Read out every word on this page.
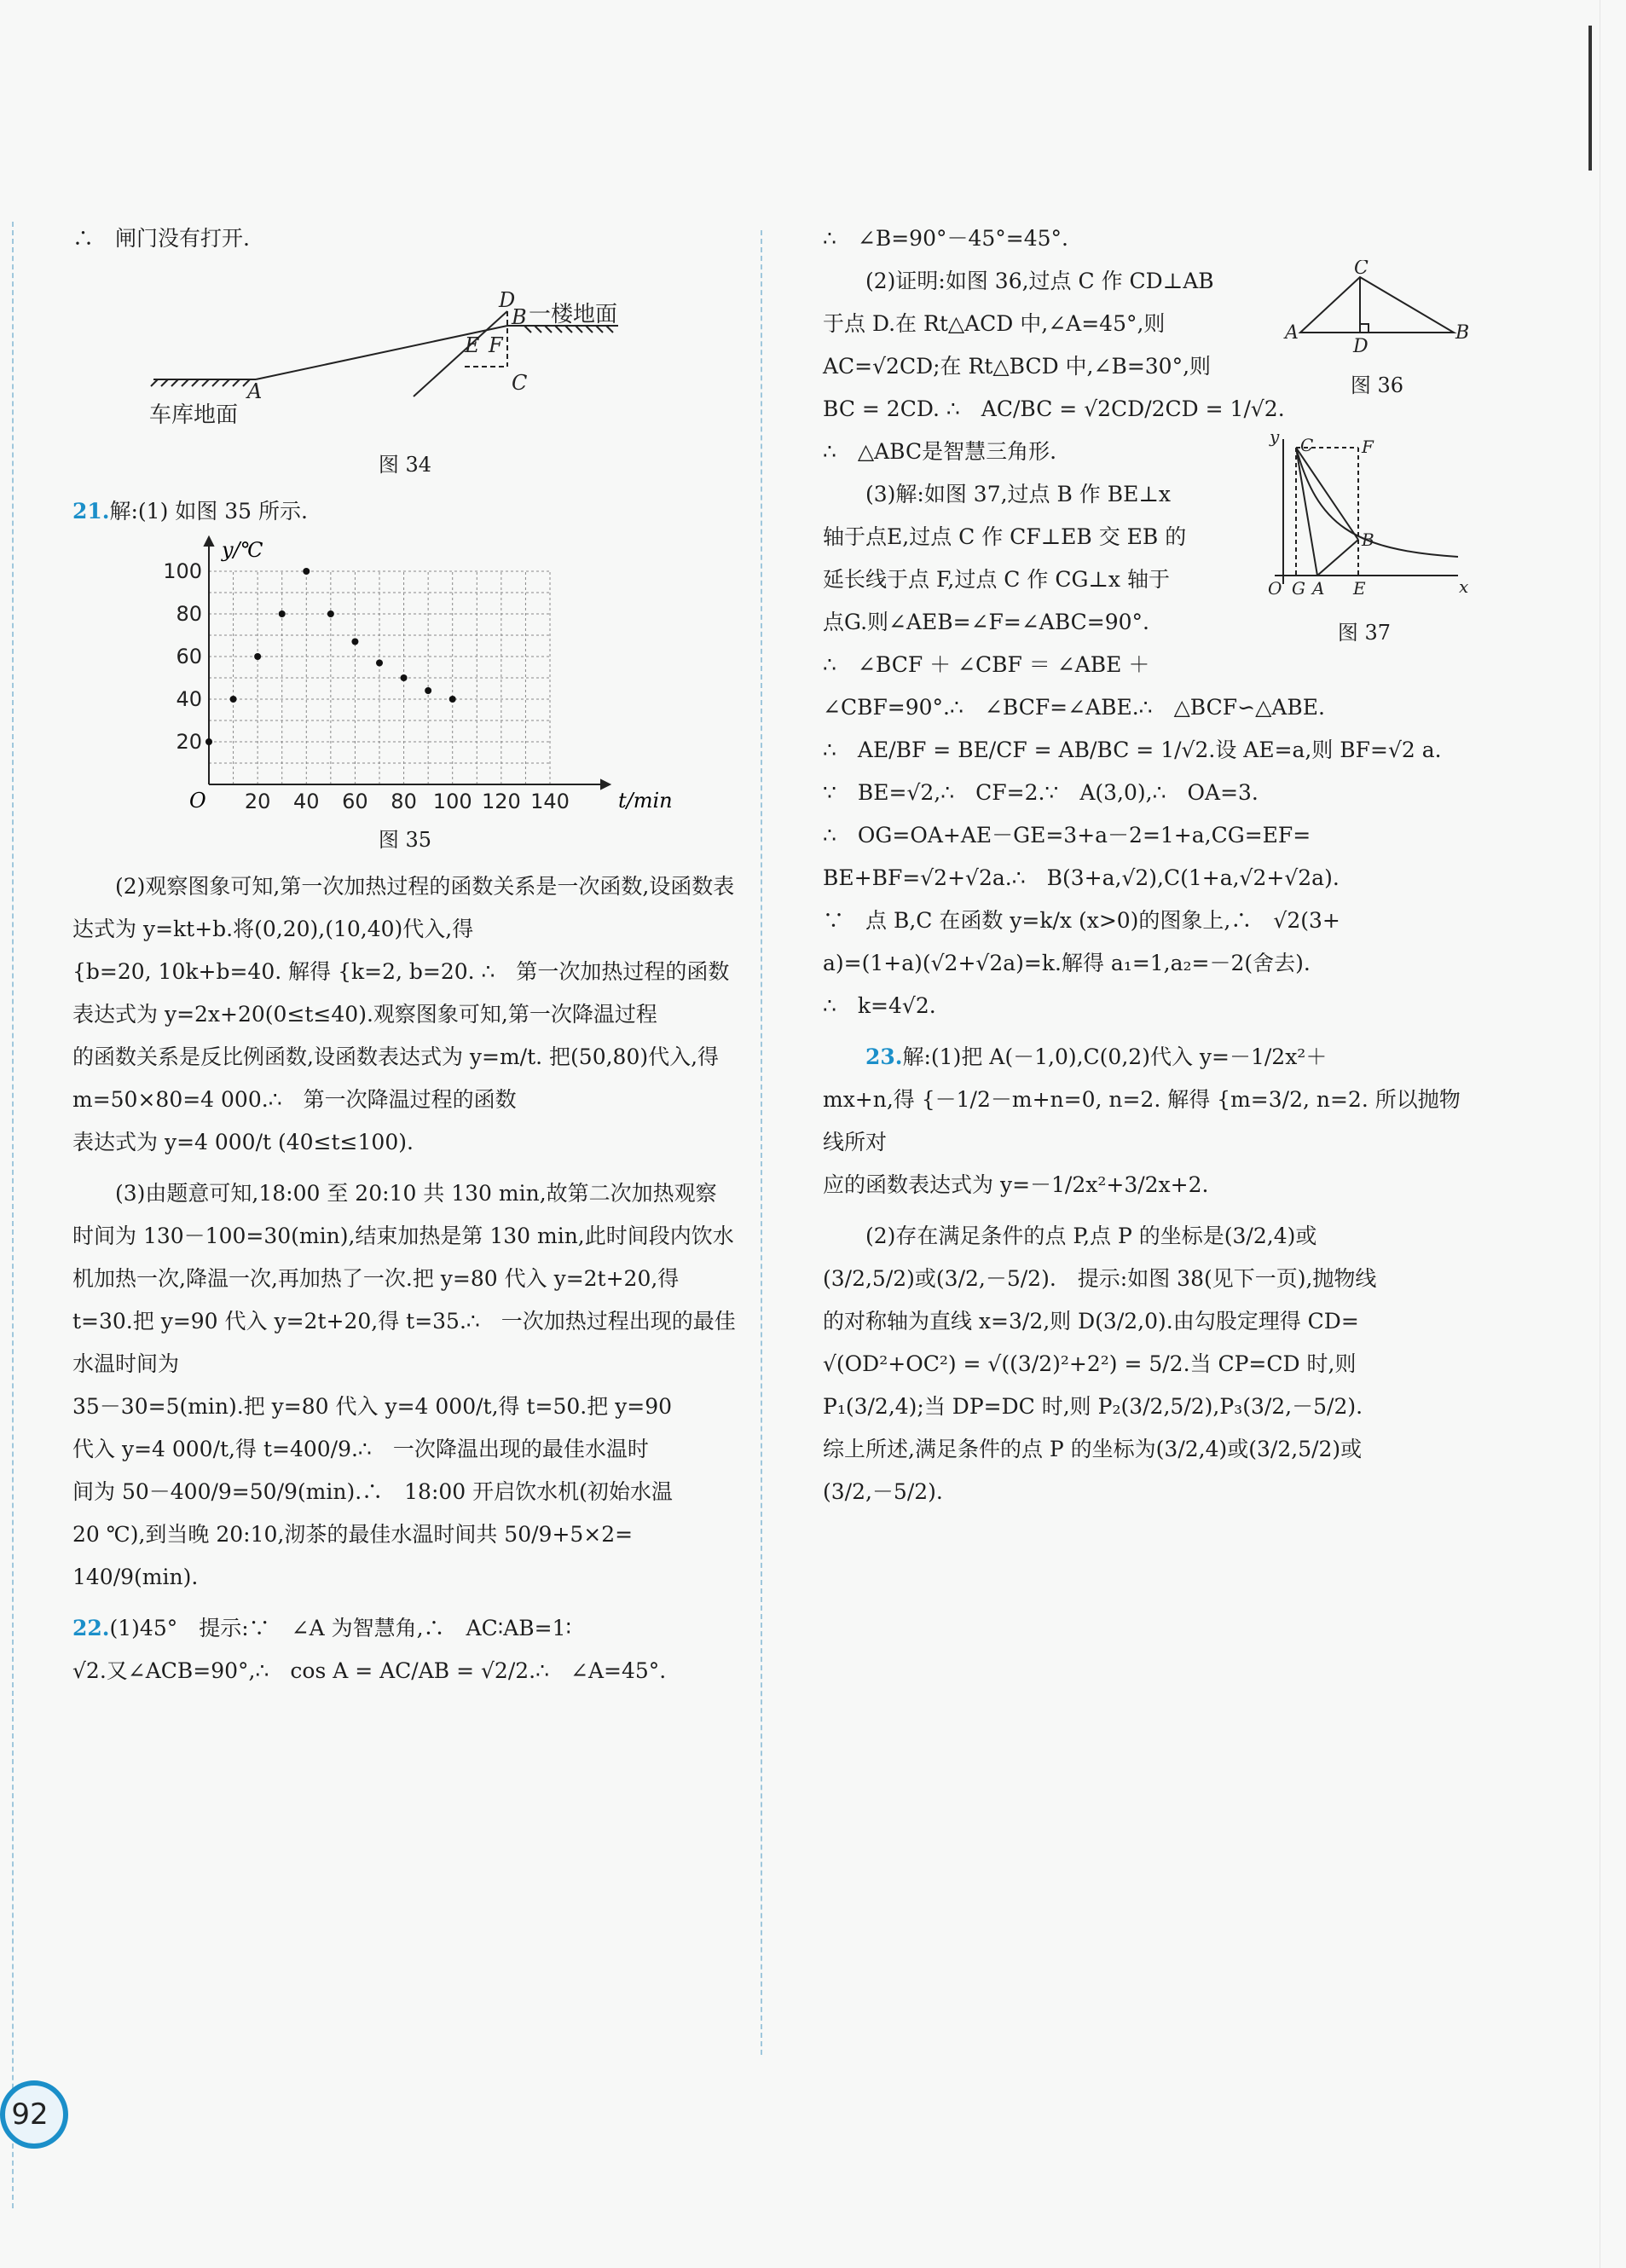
∴　闸门没有打开.

D
B
E F
A	C
一楼地面
车库地面

图 34

21.解:(1) 如图 35 所示.

20 40 60 80 100 120 140
20
40
60
80
100
y/℃
t/min
O

图 35

(2)观察图象可知,第一次加热过程的函数关系是一次函数,设函数表达式为 y=kt+b.将(0,20),(10,40)代入,得

{b=20, 10k+b=40. 解得 {k=2, b=20. ∴　第一次加热过程的函数表达式为 y=2x+20(0≤t≤40).观察图象可知,第一次降温过程

的函数关系是反比例函数,设函数表达式为 y=m/t. 把(50,80)代入,得 m=50×80=4 000.∴　第一次降温过程的函数

表达式为 y=4 000/t (40≤t≤100).

(3)由题意可知,18:00 至 20:10 共 130 min,故第二次加热观察时间为 130－100=30(min),结束加热是第 130 min,此时间段内饮水机加热一次,降温一次,再加热了一次.把 y=80 代入 y=2t+20,得 t=30.把 y=90 代入 y=2t+20,得 t=35.∴　一次加热过程出现的最佳水温时间为

35－30=5(min).把 y=80 代入 y=4 000/t,得 t=50.把 y=90

代入 y=4 000/t,得 t=400/9.∴　一次降温出现的最佳水温时

间为 50－400/9=50/9(min).∴　18:00 开启饮水机(初始水温

20 ℃),到当晚 20:10,沏茶的最佳水温时间共 50/9+5×2=

140/9(min).

22.(1)45°　提示:∵　∠A 为智慧角,∴　AC∶AB=1∶

√2.又∠ACB=90°,∴　cos A = AC/AB = √2/2.∴　∠A=45°.

∴　∠B=90°－45°=45°.

(2)证明:如图 36,过点 C 作 CD⊥AB

于点 D.在 Rt△ACD 中,∠A=45°,则

C
A	B
D

图 36

AC=√2CD;在 Rt△BCD 中,∠B=30°,则

BC = 2CD. ∴　AC/BC = √2CD/2CD = 1/√2.

∴　△ABC是智慧三角形.

(3)解:如图 37,过点 B 作 BE⊥x

轴于点E,过点 C 作 CF⊥EB 交 EB 的

延长线于点 F,过点 C 作 CG⊥x 轴于

点G.则∠AEB=∠F=∠ABC=90°.

∴　∠BCF ＋ ∠CBF ＝ ∠ABE ＋

y
x
O G A E
B
C	F

图 37

∠CBF=90°.∴　∠BCF=∠ABE.∴　△BCF∽△ABE.

∴　AE/BF = BE/CF = AB/BC = 1/√2.设 AE=a,则 BF=√2 a.

∵　BE=√2,∴　CF=2.∵　A(3,0),∴　OA=3.

∴　OG=OA+AE－GE=3+a－2=1+a,CG=EF=

BE+BF=√2+√2a.∴　B(3+a,√2),C(1+a,√2+√2a).

∵　点 B,C 在函数 y=k/x (x>0)的图象上,∴　√2(3+

a)=(1+a)(√2+√2a)=k.解得 a₁=1,a₂=－2(舍去).

∴　k=4√2.

23.解:(1)把 A(－1,0),C(0,2)代入 y=－1/2x²＋

mx+n,得 {－1/2－m+n=0, n=2. 解得 {m=3/2, n=2. 所以抛物线所对

应的函数表达式为 y=－1/2x²+3/2x+2.

(2)存在满足条件的点 P,点 P 的坐标是(3/2,4)或

(3/2,5/2)或(3/2,－5/2).　提示:如图 38(见下一页),抛物线

的对称轴为直线 x=3/2,则 D(3/2,0).由勾股定理得 CD=

√(OD²+OC²) = √((3/2)²+2²) = 5/2.当 CP=CD 时,则

P₁(3/2,4);当 DP=DC 时,则 P₂(3/2,5/2),P₃(3/2,－5/2).

综上所述,满足条件的点 P 的坐标为(3/2,4)或(3/2,5/2)或

(3/2,－5/2).

92
